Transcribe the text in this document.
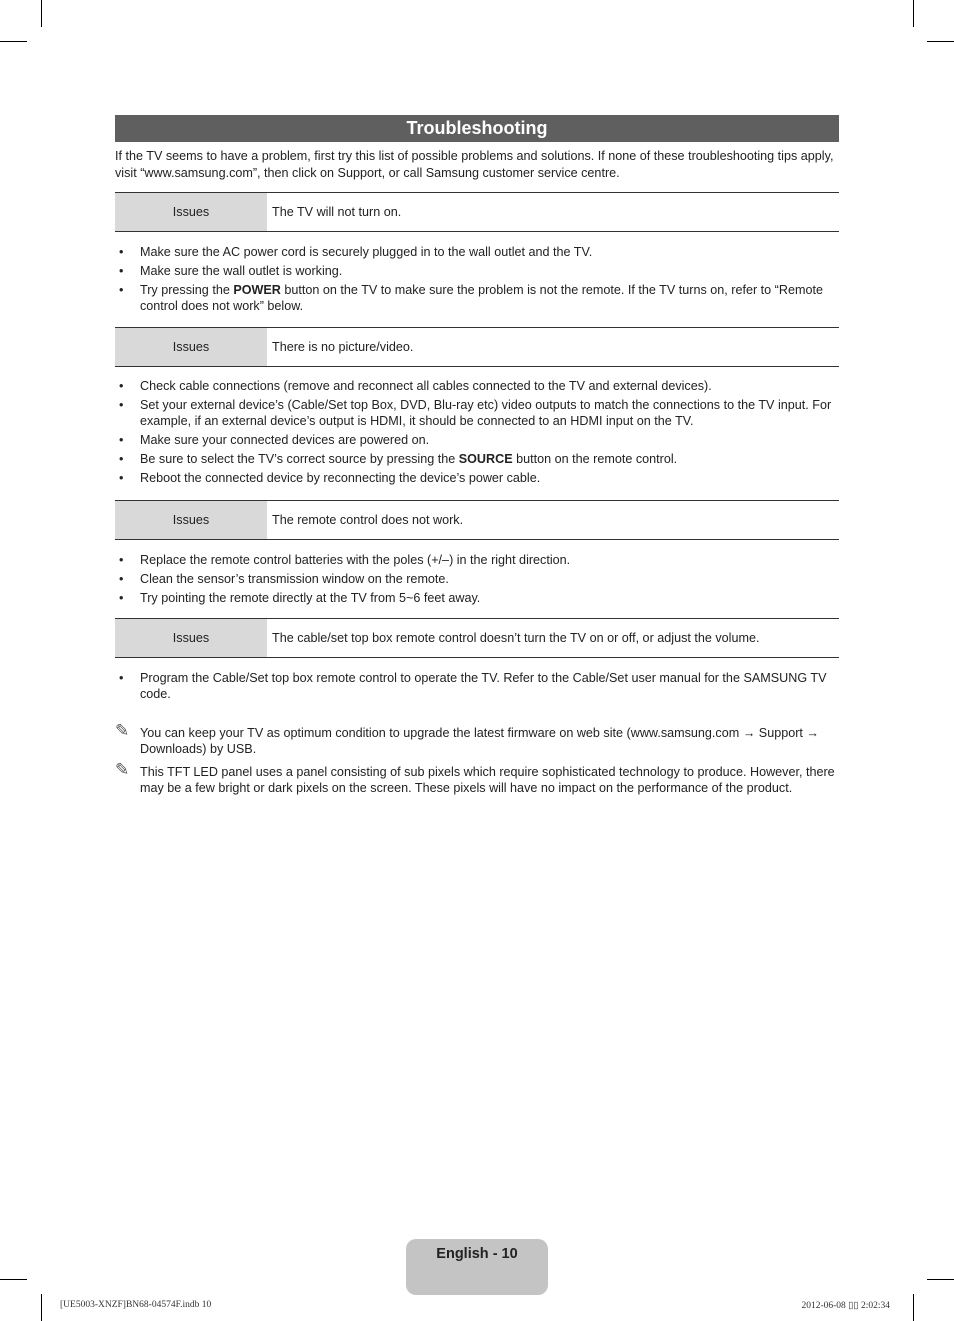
Troubleshooting
If the TV seems to have a problem, first try this list of possible problems and solutions. If none of these troubleshooting tips apply, visit “www.samsung.com”, then click on Support, or call Samsung customer service centre.
Issues	The TV will not turn on.
• Make sure the AC power cord is securely plugged in to the wall outlet and the TV.
• Make sure the wall outlet is working.
• Try pressing the POWER button on the TV to make sure the problem is not the remote. If the TV turns on, refer to “Remote control does not work” below.
Issues	There is no picture/video.
• Check cable connections (remove and reconnect all cables connected to the TV and external devices).
• Set your external device’s (Cable/Set top Box, DVD, Blu-ray etc) video outputs to match the connections to the TV input. For example, if an external device’s output is HDMI, it should be connected to an HDMI input on the TV.
• Make sure your connected devices are powered on.
• Be sure to select the TV’s correct source by pressing the SOURCE button on the remote control.
• Reboot the connected device by reconnecting the device’s power cable.
Issues	The remote control does not work.
• Replace the remote control batteries with the poles (+/–) in the right direction.
• Clean the sensor’s transmission window on the remote.
• Try pointing the remote directly at the TV from 5~6 feet away.
Issues	The cable/set top box remote control doesn’t turn the TV on or off, or adjust the volume.
• Program the Cable/Set top box remote control to operate the TV. Refer to the Cable/Set user manual for the SAMSUNG TV code.
✎ You can keep your TV as optimum condition to upgrade the latest firmware on web site (www.samsung.com → Support → Downloads) by USB.
✎ This TFT LED panel uses a panel consisting of sub pixels which require sophisticated technology to produce. However, there may be a few bright or dark pixels on the screen. These pixels will have no impact on the performance of the product.
English - 10
[UE5003-XNZF]BN68-04574F.indb 10	2012-06-08 ▯▯ 2:02:34
